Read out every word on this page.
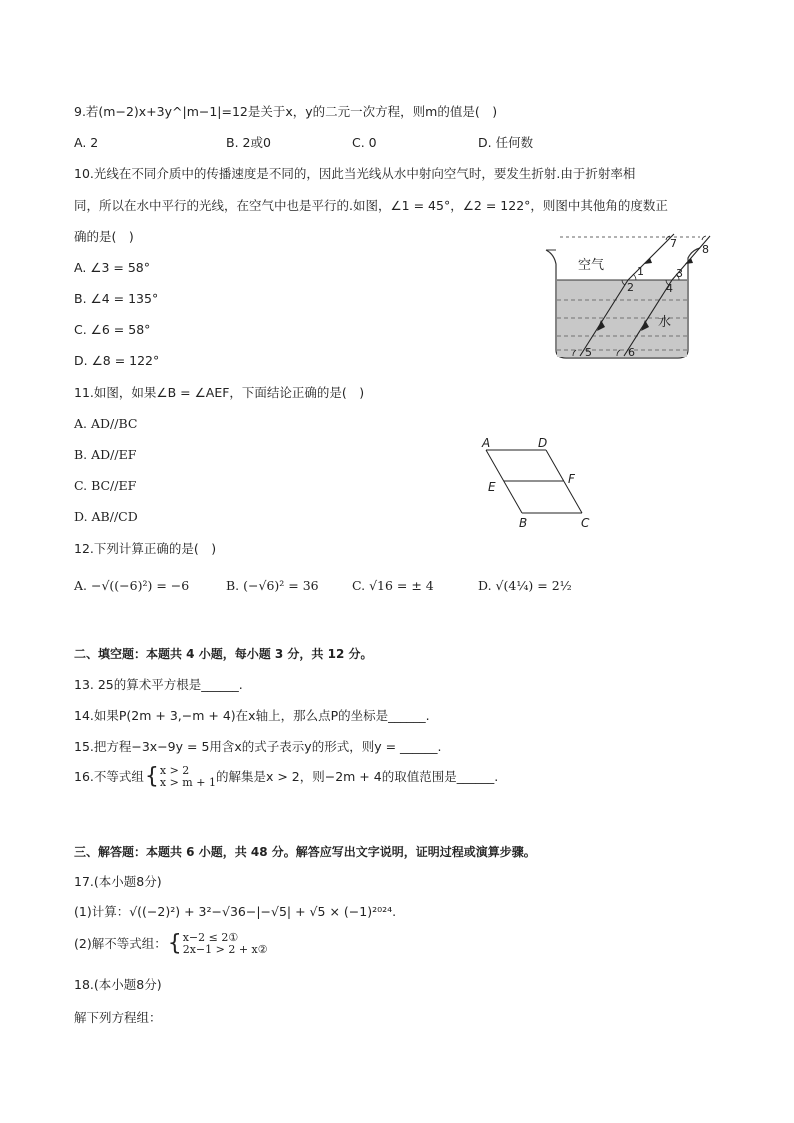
9.若(m−2)x+3y^|m−1|=12是关于x，y的二元一次方程，则m的值是(　)
A. 2	B. 2或0	C. 0	D. 任何数
10.光线在不同介质中的传播速度是不同的，因此当光线从水中射向空气时，要发生折射.由于折射率相
同，所以在水中平行的光线，在空气中也是平行的.如图，∠1 = 45°，∠2 = 122°，则图中其他角的度数正
确的是(　)
A. ∠3 = 58°
B. ∠4 = 135°
C. ∠6 = 58°
D. ∠8 = 122°
空气
水
1
2
3
4
5	6
7 8
11.如图，如果∠B = ∠AEF，下面结论正确的是(　)
A. AD//BC
B. AD//EF
C. BC//EF
D. AB//CD
A	D
E
F
B	C
12.下列计算正确的是(　)
A. −√((−6)²) = −6	B. (−√6)² = 36	C. √16 = ± 4	D. √(4¼) = 2½
二、填空题：本题共 4 小题，每小题 3 分，共 12 分。
13. 25的算术平方根是______.
14.如果P(2m + 3,−m + 4)在x轴上，那么点P的坐标是______.
15.把方程−3x−9y = 5用含x的式子表示y的形式，则y = ______.
16.不等式组 { x > 2
x > m + 1 的解集是x > 2，则−2m + 4的取值范围是______.
三、解答题：本题共 6 小题，共 48 分。解答应写出文字说明，证明过程或演算步骤。
17.(本小题8分)
(1)计算：√((−2)²) + 3²−√36−|−√5| + √5 × (−1)²⁰²⁴.
(2)解不等式组： { x−2 ≤ 2①
2x−1 > 2 + x②
18.(本小题8分)
解下列方程组：
